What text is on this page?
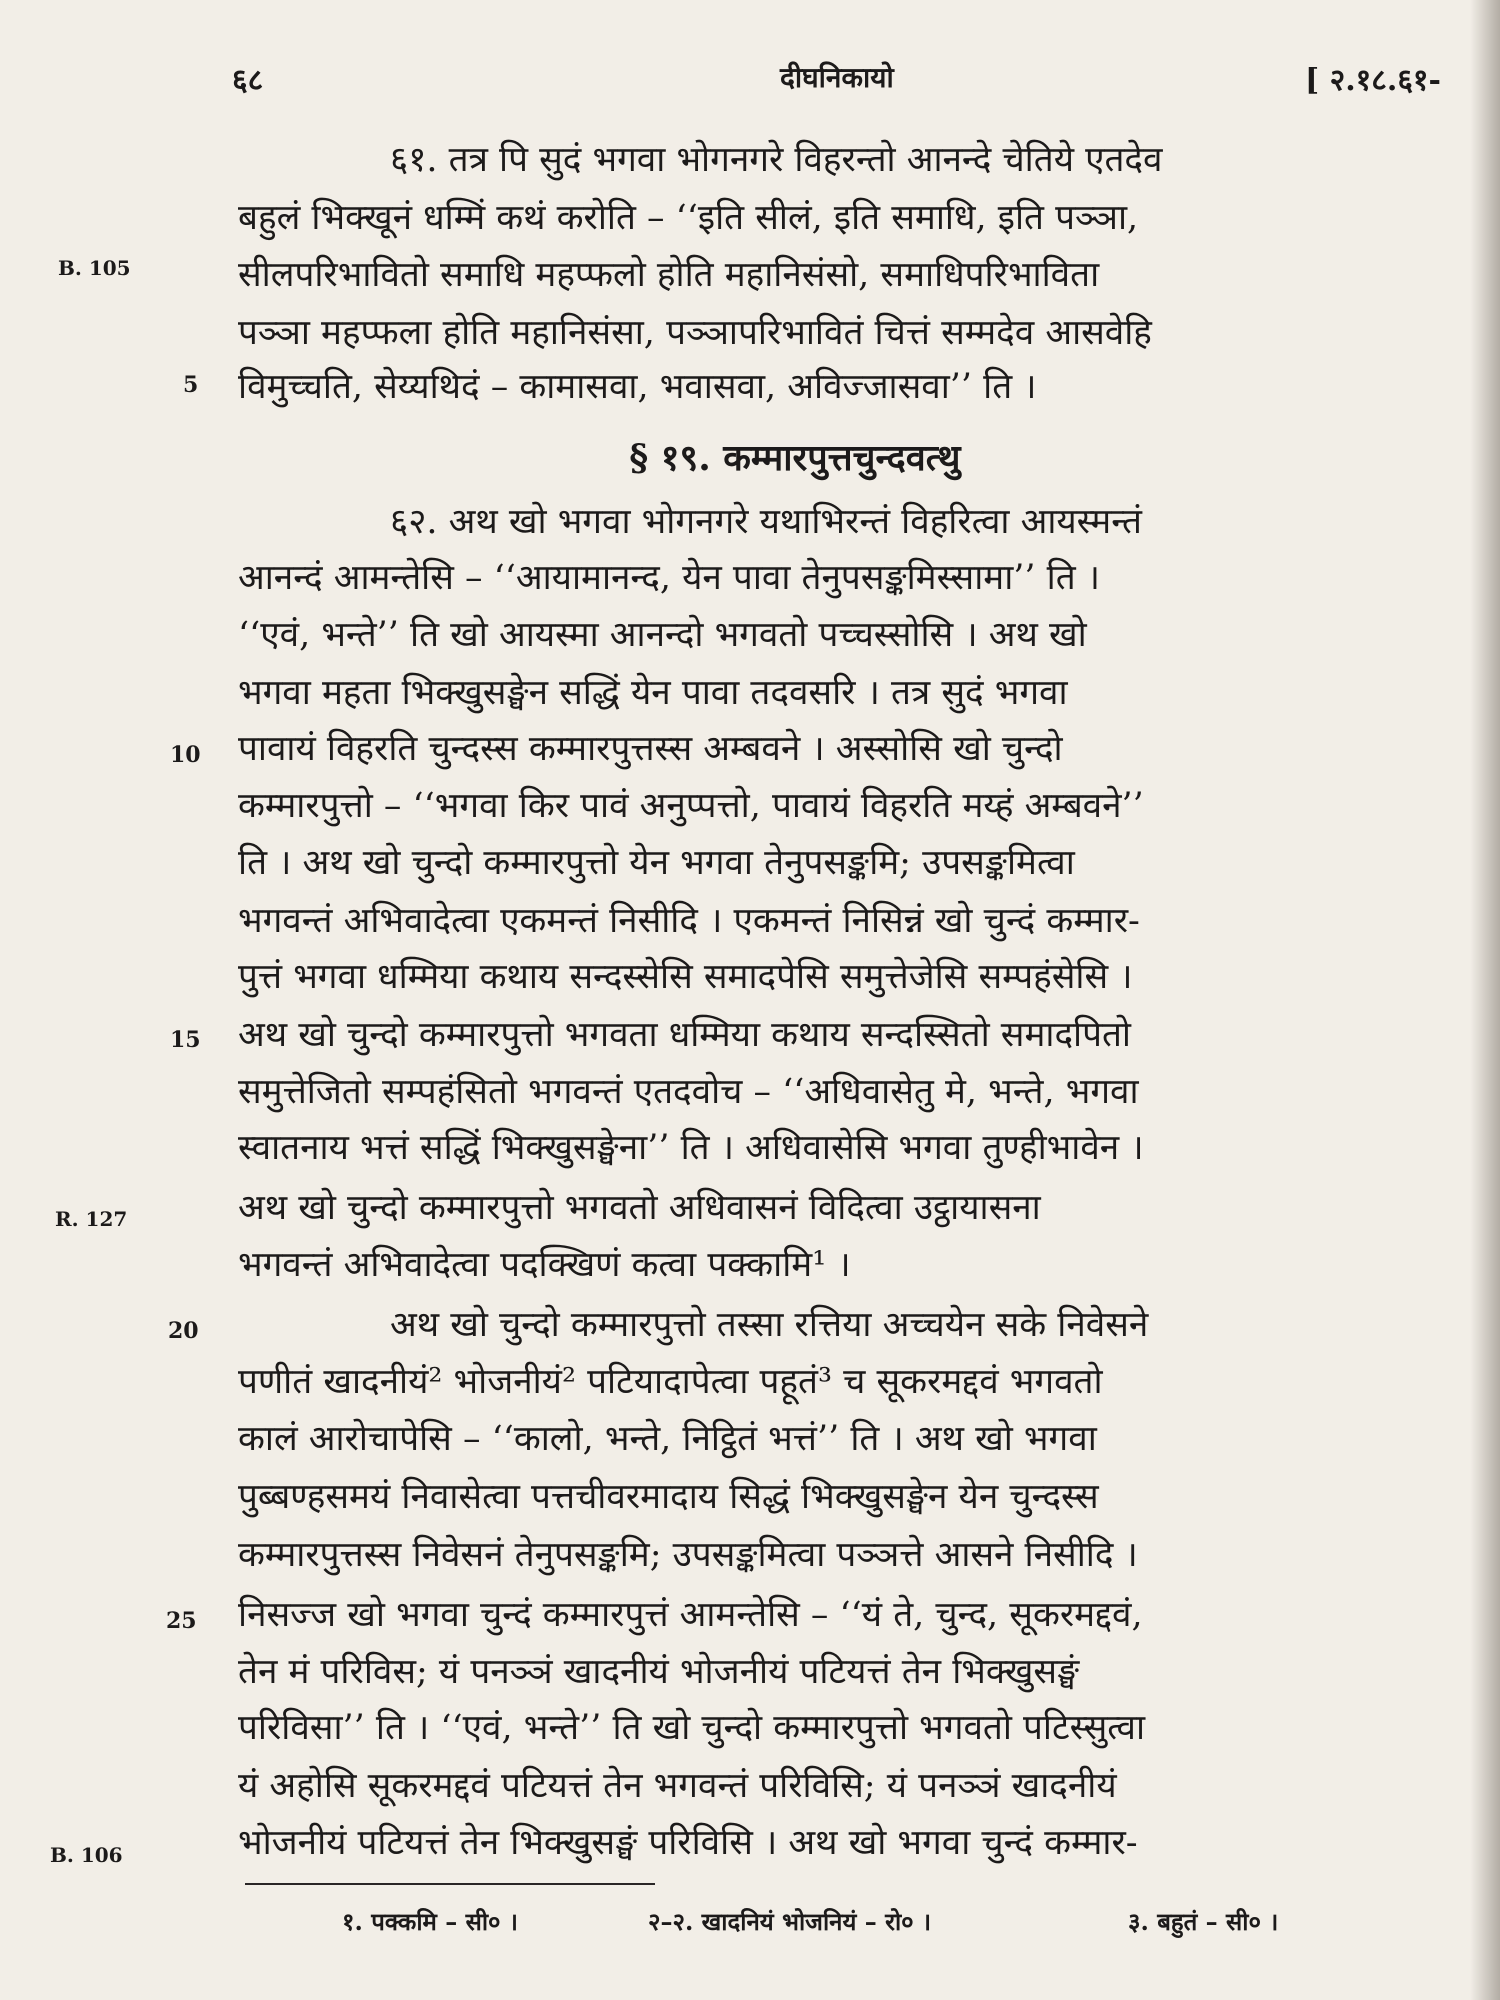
६८	दीघनिकायो	[ २.१८.६१-
B. 105
R. 127
B. 106
5
10
15
20
25
६१. तत्र पि सुदं भगवा भोगनगरे विहरन्तो आनन्दे चेतिये एतदेव
बहुलं भिक्खूनं धम्मिं कथं करोति – ‘‘इति सीलं, इति समाधि, इति पञ्ञा,
सीलपरिभावितो समाधि महप्फलो होति महानिसंसो, समाधिपरिभाविता
पञ्ञा महप्फला होति महानिसंसा, पञ्ञापरिभावितं चित्तं सम्मदेव आसवेहि
विमुच्चति, सेय्यथिदं – कामासवा, भवासवा, अविज्जासवा’’ ति ।
§ १९. कम्मारपुत्तचुन्दवत्थु
६२. अथ खो भगवा भोगनगरे यथाभिरन्तं विहरित्वा आयस्मन्तं
आनन्दं आमन्तेसि – ‘‘आयामानन्द, येन पावा तेनुपसङ्कमिस्सामा’’ ति ।
‘‘एवं, भन्ते’’ ति खो आयस्मा आनन्दो भगवतो पच्चस्सोसि । अथ खो
भगवा महता भिक्खुसङ्घेन सद्धिं येन पावा तदवसरि । तत्र सुदं भगवा
पावायं विहरति चुन्दस्स कम्मारपुत्तस्स अम्बवने । अस्सोसि खो चुन्दो
कम्मारपुत्तो – ‘‘भगवा किर पावं अनुप्पत्तो, पावायं विहरति मय्हं अम्बवने’’
ति । अथ खो चुन्दो कम्मारपुत्तो येन भगवा तेनुपसङ्कमि; उपसङ्कमित्वा
भगवन्तं अभिवादेत्वा एकमन्तं निसीदि । एकमन्तं निसिन्नं खो चुन्दं कम्मार-
पुत्तं भगवा धम्मिया कथाय सन्दस्सेसि समादपेसि समुत्तेजेसि सम्पहंसेसि ।
अथ खो चुन्दो कम्मारपुत्तो भगवता धम्मिया कथाय सन्दस्सितो समादपितो
समुत्तेजितो सम्पहंसितो भगवन्तं एतदवोच – ‘‘अधिवासेतु मे, भन्ते, भगवा
स्वातनाय भत्तं सद्धिं भिक्खुसङ्घेना’’ ति । अधिवासेसि भगवा तुण्हीभावेन ।
अथ खो चुन्दो कम्मारपुत्तो भगवतो अधिवासनं विदित्वा उट्ठायासना
भगवन्तं अभिवादेत्वा पदक्खिणं कत्वा पक्कामि¹ ।
अथ खो चुन्दो कम्मारपुत्तो तस्सा रत्तिया अच्चयेन सके निवेसने
पणीतं खादनीयं² भोजनीयं² पटियादापेत्वा पहूतं³ च सूकरमद्दवं भगवतो
कालं आरोचापेसि – ‘‘कालो, भन्ते, निट्ठितं भत्तं’’ ति । अथ खो भगवा
पुब्बण्हसमयं निवासेत्वा पत्तचीवरमादाय सिद्धं भिक्खुसङ्घेन येन चुन्दस्स
कम्मारपुत्तस्स निवेसनं तेनुपसङ्कमि; उपसङ्कमित्वा पञ्ञत्ते आसने निसीदि ।
निसज्ज खो भगवा चुन्दं कम्मारपुत्तं आमन्तेसि – ‘‘यं ते, चुन्द, सूकरमद्दवं,
तेन मं परिविस; यं पनञ्ञं खादनीयं भोजनीयं पटियत्तं तेन भिक्खुसङ्घं
परिविसा’’ ति । ‘‘एवं, भन्ते’’ ति खो चुन्दो कम्मारपुत्तो भगवतो पटिस्सुत्वा
यं अहोसि सूकरमद्दवं पटियत्तं तेन भगवन्तं परिविसि; यं पनञ्ञं खादनीयं
भोजनीयं पटियत्तं तेन भिक्खुसङ्घं परिविसि । अथ खो भगवा चुन्दं कम्मार-
१. पक्कमि – सी० ।	२–२. खादनियं भोजनियं – रो० ।	३. बहुतं – सी० ।
